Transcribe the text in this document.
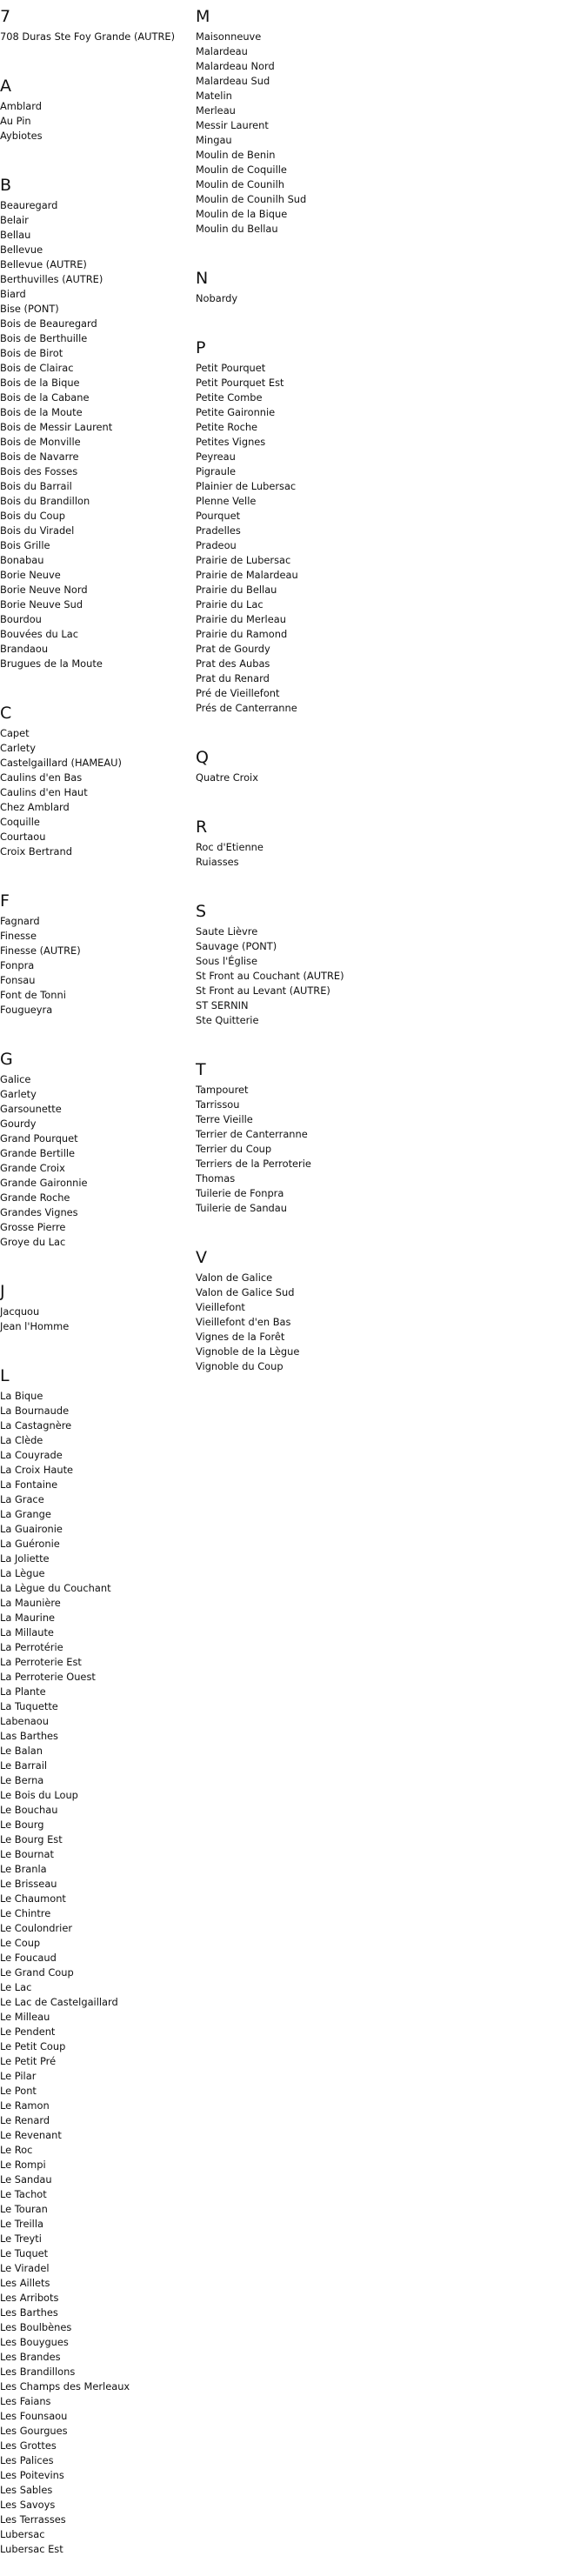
7
708 Duras Ste Foy Grande (AUTRE)
A
Amblard
Au Pin
Aybiotes
B
Beauregard
Belair
Bellau
Bellevue
Bellevue (AUTRE)
Berthuvilles (AUTRE)
Biard
Bise (PONT)
Bois de Beauregard
Bois de Berthuille
Bois de Birot
Bois de Clairac
Bois de la Bique
Bois de la Cabane
Bois de la Moute
Bois de Messir Laurent
Bois de Monville
Bois de Navarre
Bois des Fosses
Bois du Barrail
Bois du Brandillon
Bois du Coup
Bois du Viradel
Bois Grille
Bonabau
Borie Neuve
Borie Neuve Nord
Borie Neuve Sud
Bourdou
Bouvées du Lac
Brandaou
Brugues de la Moute
C
Capet
Carlety
Castelgaillard (HAMEAU)
Caulins d'en Bas
Caulins d'en Haut
Chez Amblard
Coquille
Courtaou
Croix Bertrand
F
Fagnard
Finesse
Finesse (AUTRE)
Fonpra
Fonsau
Font de Tonni
Fougueyra
G
Galice
Garlety
Garsounette
Gourdy
Grand Pourquet
Grande Bertille
Grande Croix
Grande Gaironnie
Grande Roche
Grandes Vignes
Grosse Pierre
Groye du Lac
J
Jacquou
Jean l'Homme
L
La Bique
La Bournaude
La Castagnère
La Clède
La Couyrade
La Croix Haute
La Fontaine
La Grace
La Grange
La Guaironie
La Guéronie
La Joliette
La Lègue
La Lègue du Couchant
La Maunière
La Maurine
La Millaute
La Perrotérie
La Perroterie Est
La Perroterie Ouest
La Plante
La Tuquette
Labenaou
Las Barthes
Le Balan
Le Barrail
Le Berna
Le Bois du Loup
Le Bouchau
Le Bourg
Le Bourg Est
Le Bournat
Le Branla
Le Brisseau
Le Chaumont
Le Chintre
Le Coulondrier
Le Coup
Le Foucaud
Le Grand Coup
Le Lac
Le Lac de Castelgaillard
Le Milleau
Le Pendent
Le Petit Coup
Le Petit Pré
Le Pilar
Le Pont
Le Ramon
Le Renard
Le Revenant
Le Roc
Le Rompi
Le Sandau
Le Tachot
Le Touran
Le Treilla
Le Treyti
Le Tuquet
Le Viradel
Les Aillets
Les Arribots
Les Barthes
Les Boulbènes
Les Bouygues
Les Brandes
Les Brandillons
Les Champs des Merleaux
Les Faians
Les Founsaou
Les Gourgues
Les Grottes
Les Palices
Les Poitevins
Les Sables
Les Savoys
Les Terrasses
Lubersac
Lubersac Est
M
Maisonneuve
Malardeau
Malardeau Nord
Malardeau Sud
Matelin
Merleau
Messir Laurent
Mingau
Moulin de Benin
Moulin de Coquille
Moulin de Counilh
Moulin de Counilh Sud
Moulin de la Bique
Moulin du Bellau
N
Nobardy
P
Petit Pourquet
Petit Pourquet Est
Petite Combe
Petite Gaironnie
Petite Roche
Petites Vignes
Peyreau
Pigraule
Plainier de Lubersac
Plenne Velle
Pourquet
Pradelles
Pradeou
Prairie de Lubersac
Prairie de Malardeau
Prairie du Bellau
Prairie du Lac
Prairie du Merleau
Prairie du Ramond
Prat de Gourdy
Prat des Aubas
Prat du Renard
Pré de Vieillefont
Prés de Canterranne
Q
Quatre Croix
R
Roc d'Etienne
Ruiasses
S
Saute Lièvre
Sauvage (PONT)
Sous l'Église
St Front au Couchant (AUTRE)
St Front au Levant (AUTRE)
ST SERNIN
Ste Quitterie
T
Tampouret
Tarrissou
Terre Vieille
Terrier de Canterranne
Terrier du Coup
Terriers de la Perroterie
Thomas
Tuilerie de Fonpra
Tuilerie de Sandau
V
Valon de Galice
Valon de Galice Sud
Vieillefont
Vieillefont d'en Bas
Vignes de la Forêt
Vignoble de la Lègue
Vignoble du Coup
